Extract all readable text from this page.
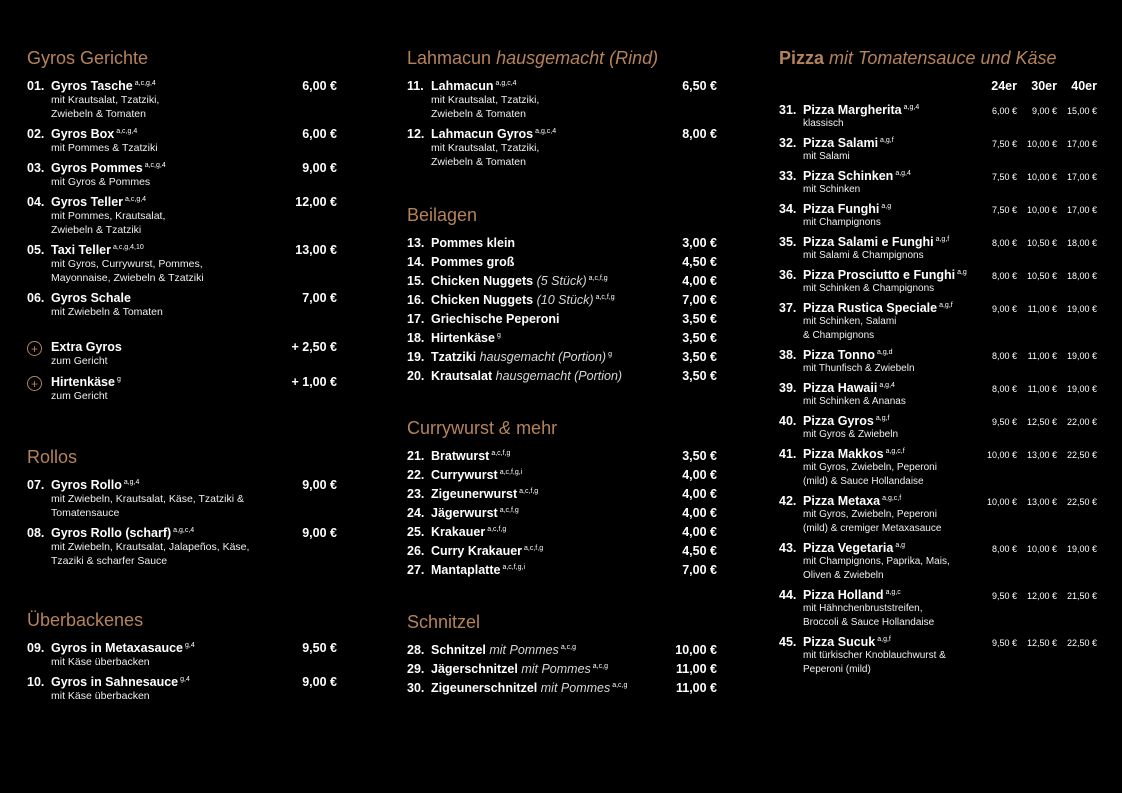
Gyros Gerichte
01. Gyros Tasche $^{a,c,g,4}$	6,00 €
mit Krautsalat, Tzatziki,
Zwiebeln & Tomaten
02. Gyros Box $^{a,c,g,4}$	6,00 €
mit Pommes & Tzatziki
03. Gyros Pommes $^{a,c,g,4}$	9,00 €
mit Gyros & Pommes
04. Gyros Teller $^{a,c,g,4}$	12,00 €
mit Pommes, Krautsalat,
Zwiebeln & Tzatziki
05. Taxi Teller $^{a,c,g,4,10}$	13,00 €
mit Gyros, Currywurst, Pommes,
Mayonnaise, Zwiebeln & Tzatziki
06. Gyros Schale	7,00 €
mit Zwiebeln & Tomaten
+	Extra Gyros	+ 2,50 €
zum Gericht
+	Hirtenkäse $^g$	+ 1,00 €
zum Gericht
Rollos
07. Gyros Rollo $^{a,g,4}$	9,00 €
mit Zwiebeln, Krautsalat, Käse, Tzatziki &
Tomatensauce
08. Gyros Rollo (scharf) $^{a,g,c,4}$	9,00 €
mit Zwiebeln, Krautsalat, Jalapeños, Käse,
Tzaziki & scharfer Sauce
Überbackenes
09. Gyros in Metaxasauce $^{g,4}$	9,50 €
mit Käse überbacken
10. Gyros in Sahnesauce $^{g,4}$	9,00 €
mit Käse überbacken
Lahmacun hausgemacht (Rind)
11. Lahmacun $^{a,g,c,4}$	6,50 €
mit Krautsalat, Tzatziki,
Zwiebeln & Tomaten
12. Lahmacun Gyros $^{a,g,c,4}$	8,00 €
mit Krautsalat, Tzatziki,
Zwiebeln & Tomaten
Beilagen
13. Pommes klein	3,00 €
14. Pommes groß	4,50 €
15. Chicken Nuggets (5 Stück) $^{a,c,f,g}$	4,00 €
16. Chicken Nuggets (10 Stück) $^{a,c,f,g}$	7,00 €
17. Griechische Peperoni	3,50 €
18. Hirtenkäse $^g$	3,50 €
19. Tzatziki hausgemacht (Portion) $^g$	3,50 €
20. Krautsalat hausgemacht (Portion)	3,50 €
Currywurst & mehr
21. Bratwurst $^{a,c,f,g}$	3,50 €
22. Currywurst $^{a,c,f,g,i}$	4,00 €
23. Zigeunerwurst $^{a,c,f,g}$	4,00 €
24. Jägerwurst $^{a,c,f,g}$	4,00 €
25. Krakauer $^{a,c,f,g}$	4,00 €
26. Curry Krakauer $^{a,c,f,g}$	4,50 €
27. Mantaplatte $^{a,c,f,g,i}$	7,00 €
Schnitzel
28. Schnitzel mit Pommes $^{a,c,g}$	10,00 €
29. Jägerschnitzel mit Pommes $^{a,c,g}$	11,00 €
30. Zigeunerschnitzel mit Pommes $^{a,c,g}$	11,00 €
Pizza mit Tomatensauce und Käse
24er	30er	40er
31. Pizza Margherita $^{a,g,4}$	6,00 €	9,00 €	15,00 €
klassisch
32. Pizza Salami $^{a,g,f}$	7,50 €	10,00 €	17,00 €
mit Salami
33. Pizza Schinken $^{a,g,4}$	7,50 €	10,00 €	17,00 €
mit Schinken
34. Pizza Funghi $^{a,g}$	7,50 €	10,00 €	17,00 €
mit Champignons
35. Pizza Salami e Funghi $^{a,g,f}$	8,00 €	10,50 €	18,00 €
mit Salami & Champignons
36. Pizza Prosciutto e Funghi $^{a,g}$	8,00 €	10,50 €	18,00 €
mit Schinken & Champignons
37. Pizza Rustica Speciale $^{a,g,f}$	9,00 €	11,00 €	19,00 €
mit Schinken, Salami
& Champignons
38. Pizza Tonno $^{a,g,d}$	8,00 €	11,00 €	19,00 €
mit Thunfisch & Zwiebeln
39. Pizza Hawaii $^{a,g,4}$	8,00 €	11,00 €	19,00 €
mit Schinken & Ananas
40. Pizza Gyros $^{a,g,f}$	9,50 €	12,50 €	22,00 €
mit Gyros & Zwiebeln
41. Pizza Makkos $^{a,g,c,f}$	10,00 €	13,00 €	22,50 €
mit Gyros, Zwiebeln, Peperoni
(mild) & Sauce Hollandaise
42. Pizza Metaxa $^{a,g,c,f}$	10,00 €	13,00 €	22,50 €
mit Gyros, Zwiebeln, Peperoni
(mild) & cremiger Metaxasauce
43. Pizza Vegetaria $^{a,g}$	8,00 €	10,00 €	19,00 €
mit Champignons, Paprika, Mais,
Oliven & Zwiebeln
44. Pizza Holland $^{a,g,c}$	9,50 €	12,00 €	21,50 €
mit Hähnchenbruststreifen,
Broccoli & Sauce Hollandaise
45. Pizza Sucuk $^{a,g,f}$	9,50 €	12,50 €	22,50 €
mit türkischer Knoblauchwurst &
Peperoni (mild)
